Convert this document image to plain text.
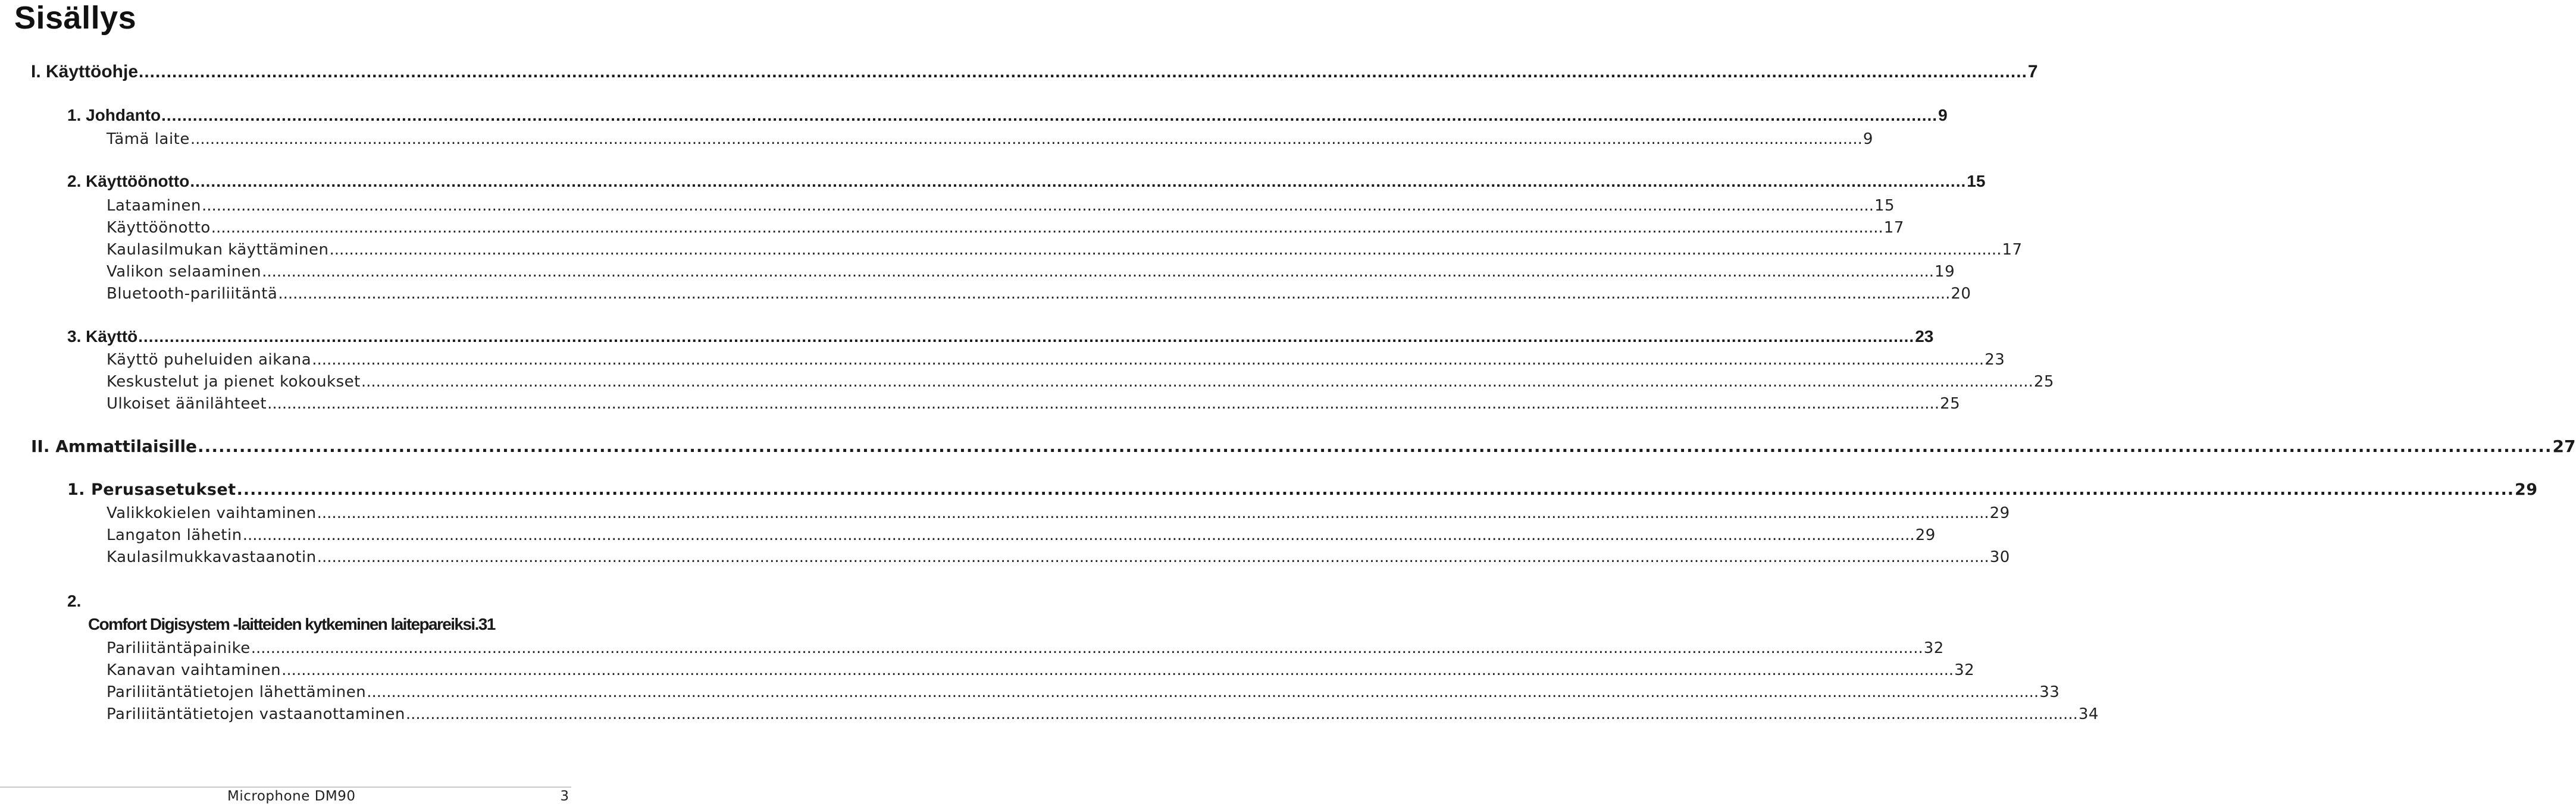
Sisällys
I. Käyttöohje .................................................................................................................................................................................................................................................................................................................................................... 7
1. Johdanto .................................................................................................................................................................................................................................................................................................................................................... 9
Tämä laite .................................................................................................................................................................................................................................................................................................................................................... 9
2. Käyttöönotto .................................................................................................................................................................................................................................................................................................................................................... 15
Lataaminen .................................................................................................................................................................................................................................................................................................................................................... 15
Käyttöönotto .................................................................................................................................................................................................................................................................................................................................................... 17
Kaulasilmukan käyttäminen .................................................................................................................................................................................................................................................................................................................................................... 17
Valikon selaaminen .................................................................................................................................................................................................................................................................................................................................................... 19
Bluetooth-pariliitäntä .................................................................................................................................................................................................................................................................................................................................................... 20
3. Käyttö .................................................................................................................................................................................................................................................................................................................................................... 23
Käyttö puheluiden aikana .................................................................................................................................................................................................................................................................................................................................................... 23
Keskustelut ja pienet kokoukset .................................................................................................................................................................................................................................................................................................................................................... 25
Ulkoiset äänilähteet .................................................................................................................................................................................................................................................................................................................................................... 25
II. Ammattilaisille .................................................................................................................................................................................................................................................................................................................................................... 27
1. Perusasetukset .................................................................................................................................................................................................................................................................................................................................................... 29
Valikkokielen vaihtaminen .................................................................................................................................................................................................................................................................................................................................................... 29
Langaton lähetin .................................................................................................................................................................................................................................................................................................................................................... 29
Kaulasilmukkavastaanotin .................................................................................................................................................................................................................................................................................................................................................... 30
2.
Comfort Digisystem -laitteiden kytkeminen laitepareiksi . 31
Pariliitäntäpainike .................................................................................................................................................................................................................................................................................................................................................... 32
Kanavan vaihtaminen .................................................................................................................................................................................................................................................................................................................................................... 32
Pariliitäntätietojen lähettäminen .................................................................................................................................................................................................................................................................................................................................................... 33
Pariliitäntätietojen vastaanottaminen .................................................................................................................................................................................................................................................................................................................................................... 34
Microphone DM90	3
